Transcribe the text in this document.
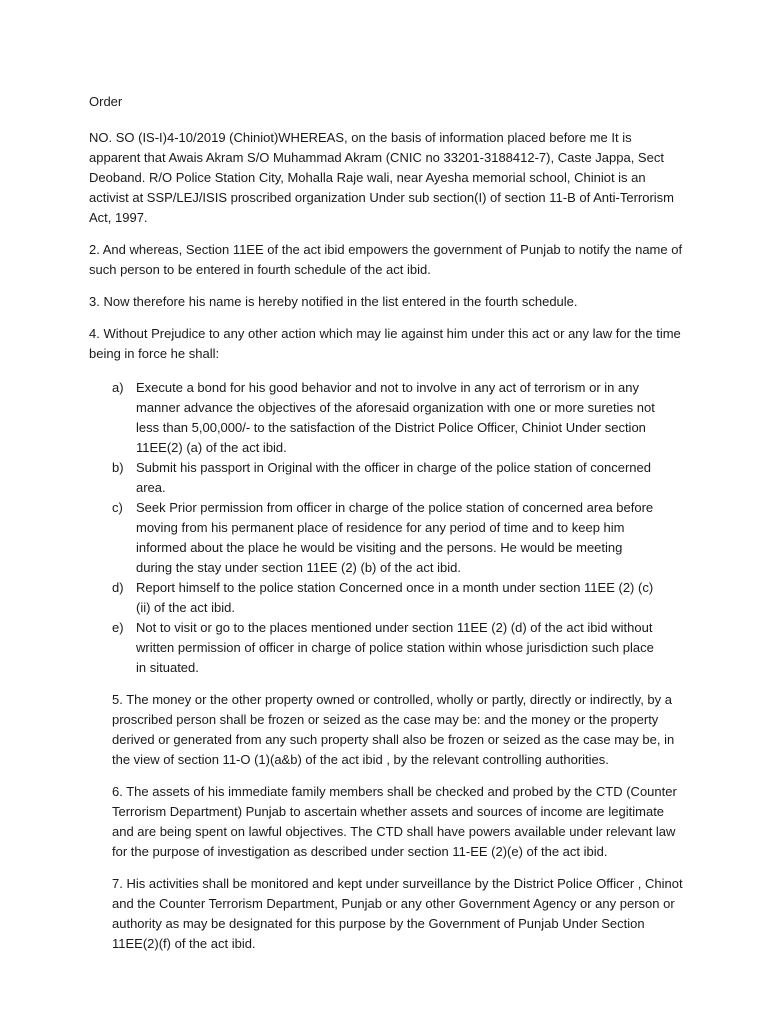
Order

NO. SO (IS-I)4-10/2019 (Chiniot)WHEREAS, on the basis of information placed before me It is apparent that Awais Akram S/O Muhammad Akram (CNIC no 33201-3188412-7), Caste Jappa, Sect Deoband. R/O Police Station City, Mohalla Raje wali, near Ayesha memorial school, Chiniot is an activist at SSP/LEJ/ISIS proscribed organization Under sub section(I) of section 11-B of Anti-Terrorism Act, 1997.

2. And whereas, Section 11EE of the act ibid empowers the government of Punjab to notify the name of such person to be entered in fourth schedule of the act ibid.

3. Now therefore his name is hereby notified in the list entered in the fourth schedule.

4. Without Prejudice to any other action which may lie against him under this act or any law for the time being in force he shall:

a) Execute a bond for his good behavior and not to involve in any act of terrorism or in any manner advance the objectives of the aforesaid organization with one or more sureties not less than 5,00,000/- to the satisfaction of the District Police Officer, Chiniot Under section 11EE(2) (a) of the act ibid.
b) Submit his passport in Original with the officer in charge of the police station of concerned area.
c)	Seek Prior permission from officer in charge of the police station of concerned area before moving from his permanent place of residence for any period of time and to keep him informed about the place he would be visiting and the persons. He would be meeting during the stay under section 11EE (2) (b) of the act ibid.
d) Report himself to the police station Concerned once in a month under section 11EE (2) (c) (ii) of the act ibid.
e) Not to visit or go to the places mentioned under section 11EE (2) (d) of the act ibid without written permission of officer in charge of police station within whose jurisdiction such place in situated.

5. The money or the other property owned or controlled, wholly or partly, directly or indirectly, by a proscribed person shall be frozen or seized as the case may be: and the money or the property derived or generated from any such property shall also be frozen or seized as the case may be, in the view of section 11-O (1)(a&b) of the act ibid , by the relevant controlling authorities.

6. The assets of his immediate family members shall be checked and probed by the CTD (Counter Terrorism Department) Punjab to ascertain whether assets and sources of income are legitimate and are being spent on lawful objectives. The CTD shall have powers available under relevant law for the purpose of investigation as described under section 11-EE (2)(e) of the act ibid.

7. His activities shall be monitored and kept under surveillance by the District Police Officer , Chinot and the Counter Terrorism Department, Punjab or any other Government Agency or any person or authority as may be designated for this purpose by the Government of Punjab Under Section 11EE(2)(f) of the act ibid.
